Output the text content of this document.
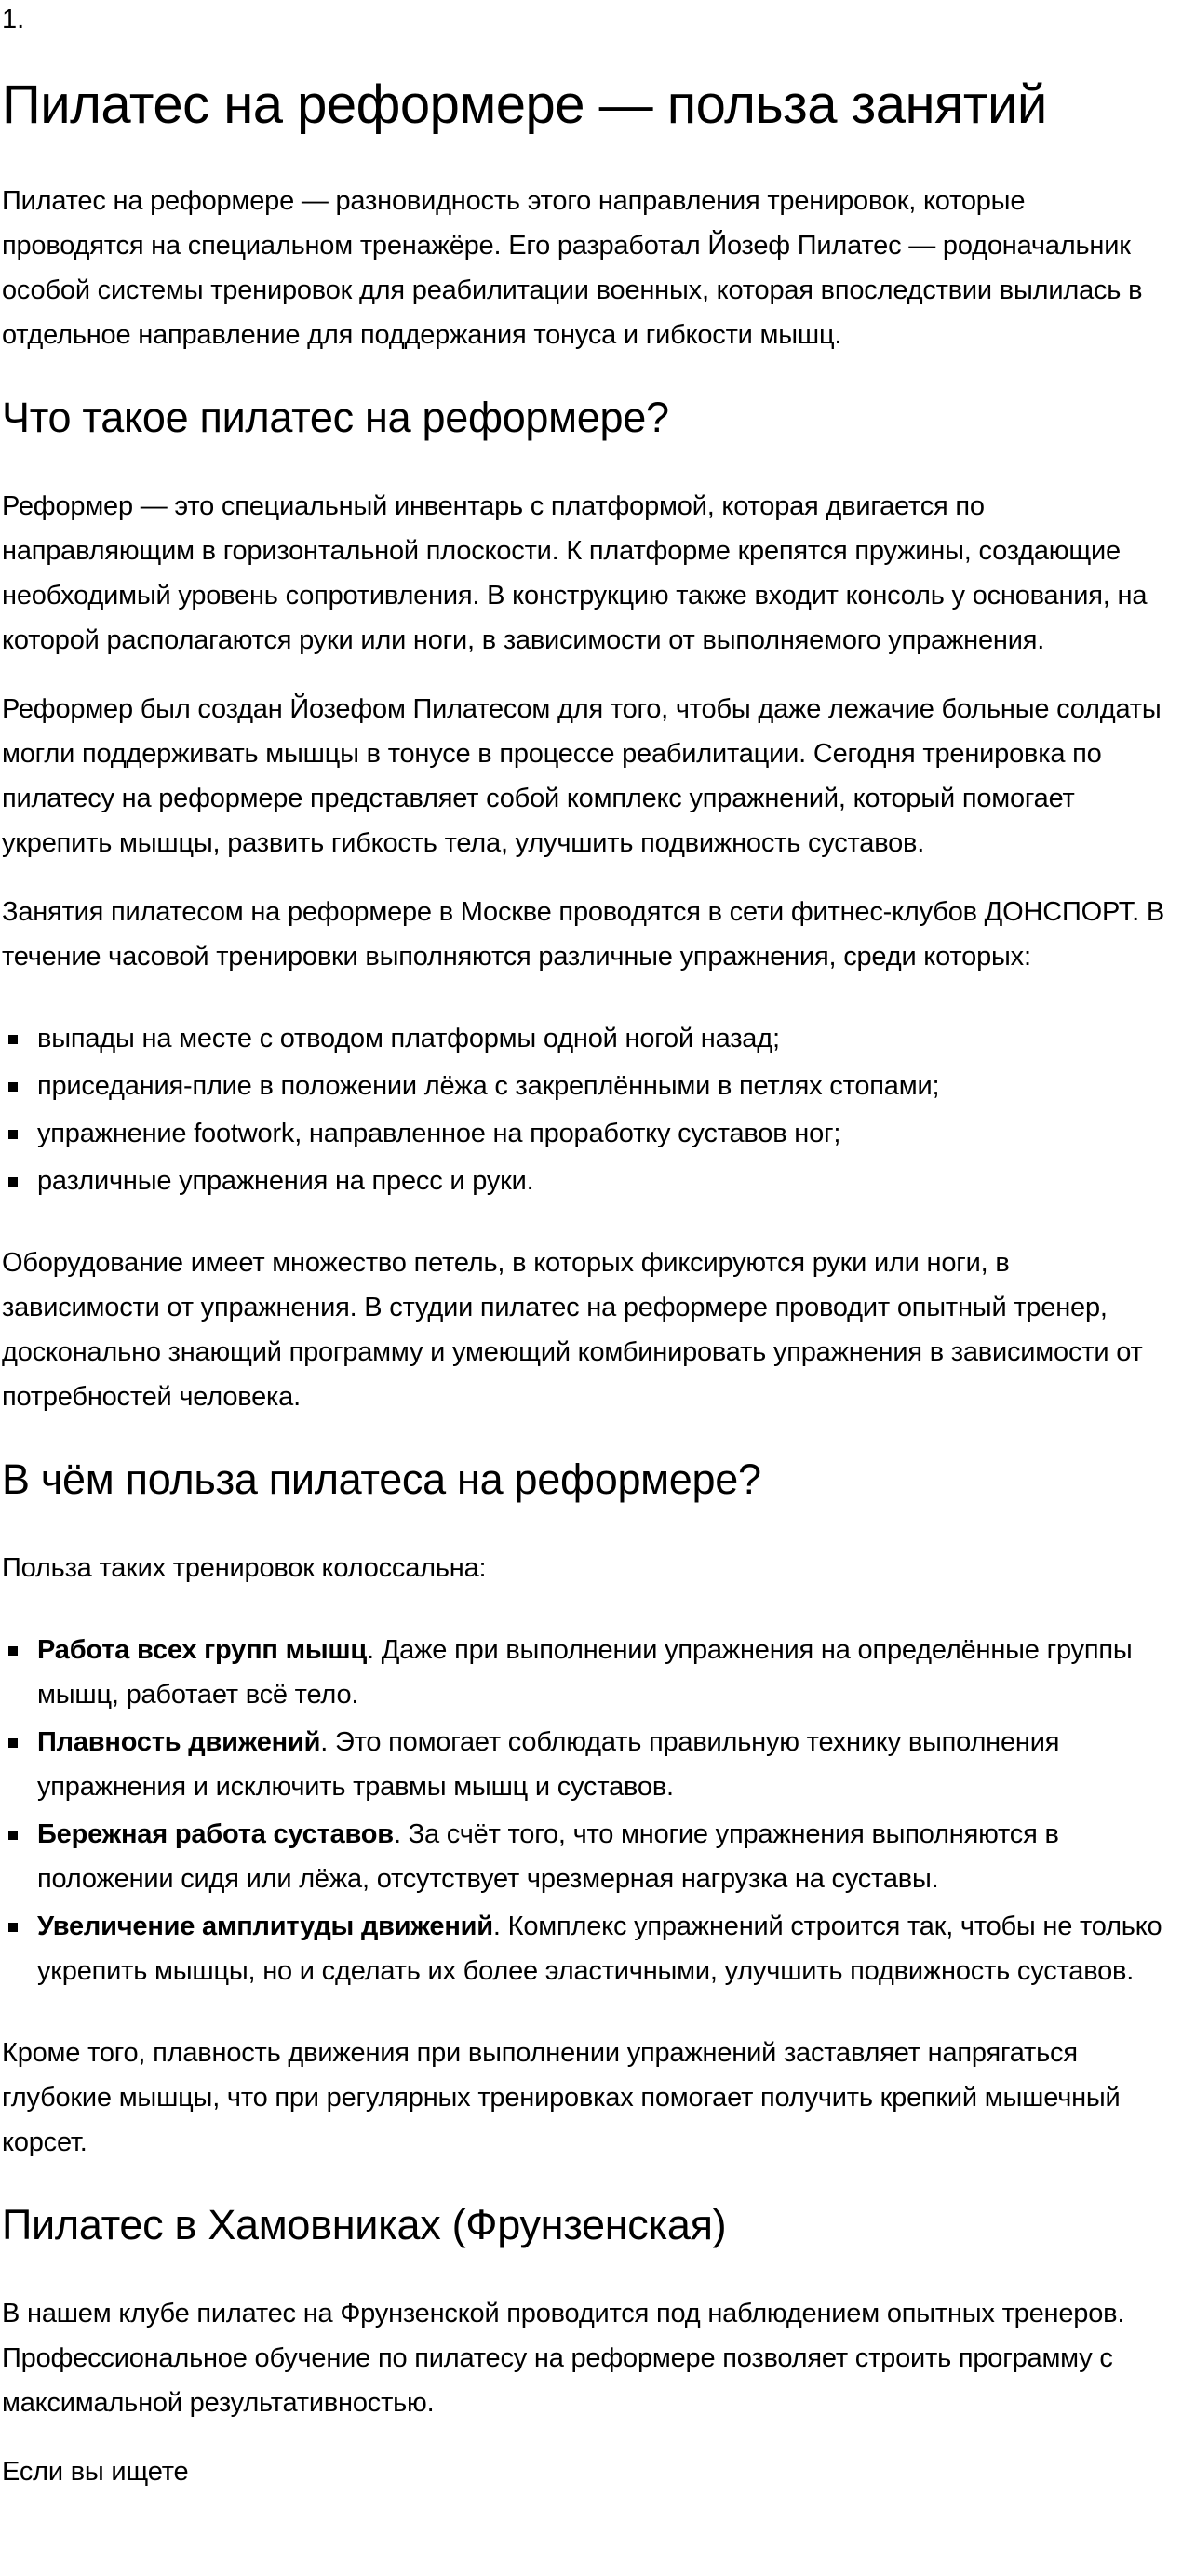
1.
Пилатес на реформере — польза занятий

Пилатес на реформере — разновидность этого направления тренировок, которые проводятся на специальном тренажёре. Его разработал Йозеф Пилатес — родоначальник особой системы тренировок для реабилитации военных, которая впоследствии вылилась в отдельное направление для поддержания тонуса и гибкости мышц.

Что такое пилатес на реформере?

Реформер — это специальный инвентарь с платформой, которая двигается по направляющим в горизонтальной плоскости. К платформе крепятся пружины, создающие необходимый уровень сопротивления. В конструкцию также входит консоль у основания, на которой располагаются руки или ноги, в зависимости от выполняемого упражнения.

Реформер был создан Йозефом Пилатесом для того, чтобы даже лежачие больные солдаты могли поддерживать мышцы в тонусе в процессе реабилитации. Сегодня тренировка по пилатесу на реформере представляет собой комплекс упражнений, который помогает укрепить мышцы, развить гибкость тела, улучшить подвижность суставов.

Занятия пилатесом на реформере в Москве проводятся в сети фитнес-клубов ДОНСПОРТ. В течение часовой тренировки выполняются различные упражнения, среди которых:

выпады на месте с отводом платформы одной ногой назад;
приседания-плие в положении лёжа с закреплёнными в петлях стопами;
упражнение footwork, направленное на проработку суставов ног;
различные упражнения на пресс и руки.

Оборудование имеет множество петель, в которых фиксируются руки или ноги, в зависимости от упражнения. В студии пилатес на реформере проводит опытный тренер, досконально знающий программу и умеющий комбинировать упражнения в зависимости от потребностей человека.

В чём польза пилатеса на реформере?

Польза таких тренировок колоссальна:

Работа всех групп мышц. Даже при выполнении упражнения на определённые группы мышц, работает всё тело.
Плавность движений. Это помогает соблюдать правильную технику выполнения упражнения и исключить травмы мышц и суставов.
Бережная работа суставов. За счёт того, что многие упражнения выполняются в положении сидя или лёжа, отсутствует чрезмерная нагрузка на суставы.
Увеличение амплитуды движений. Комплекс упражнений строится так, чтобы не только укрепить мышцы, но и сделать их более эластичными, улучшить подвижность суставов.

Кроме того, плавность движения при выполнении упражнений заставляет напрягаться глубокие мышцы, что при регулярных тренировках помогает получить крепкий мышечный корсет.

Пилатес в Хамовниках (Фрунзенская)

В нашем клубе пилатес на Фрунзенской проводится под наблюдением опытных тренеров. Профессиональное обучение по пилатесу на реформере позволяет строить программу с максимальной результативностью.

Если вы ищете
